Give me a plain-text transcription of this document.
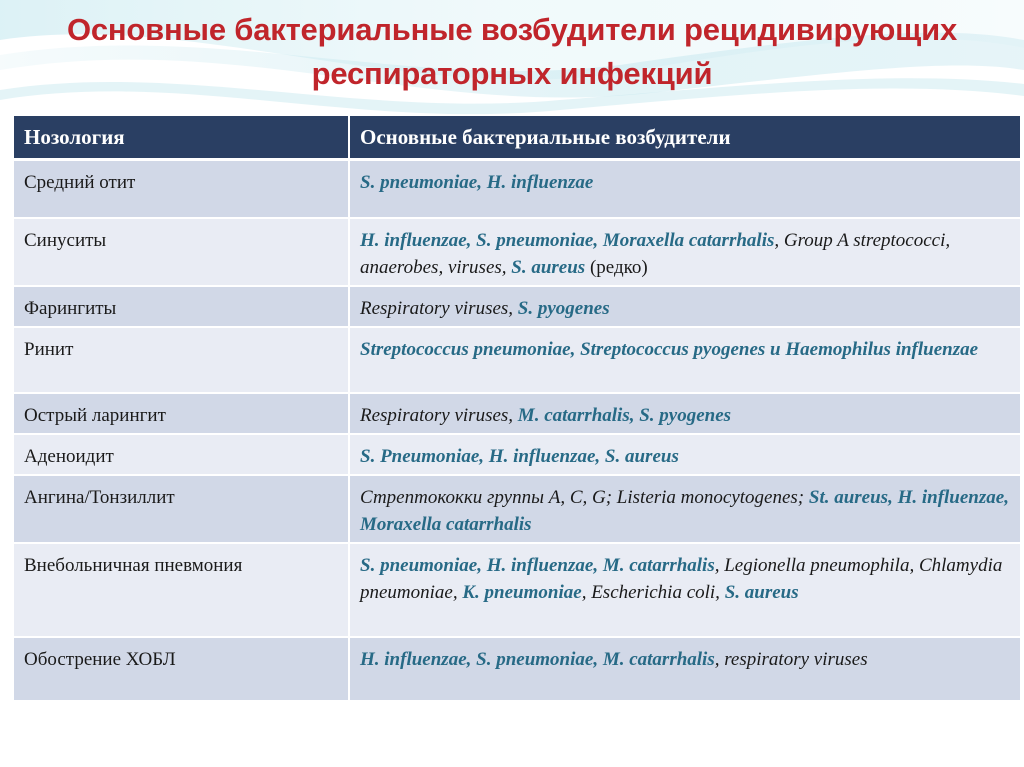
Основные бактериальные возбудители рецидивирующих
респираторных инфекций
Нозология	Основные бактериальные возбудители
Средний отит	S. pneumoniae, H. influenzae
Синуситы	H. influenzae, S. pneumoniae, Moraxella catarrhalis, Group A streptococci, anaerobes, viruses, S. aureus (редко)
Фарингиты	Respiratory viruses, S. pyogenes
Ринит	Streptococcus pneumoniae, Streptococcus pyogenes и Haemophilus influenzae
Острый ларингит	Respiratory viruses, M. catarrhalis, S. pyogenes
Аденоидит	S. Pneumoniae, H. influenzae, S. aureus
Ангина/Тонзиллит	Стрептококки группы А, С, G; Listeria monocytogenes; St. aureus, H. influenzae, Moraxella catarrhalis
Внебольничная пневмония	S. pneumoniae, H. influenzae, M. catarrhalis, Legionella pneumophila, Chlamydia pneumoniae, K. pneumoniae, Escherichia coli, S. aureus
Обострение ХОБЛ	H. influenzae, S. pneumoniae, M. catarrhalis, respiratory viruses
